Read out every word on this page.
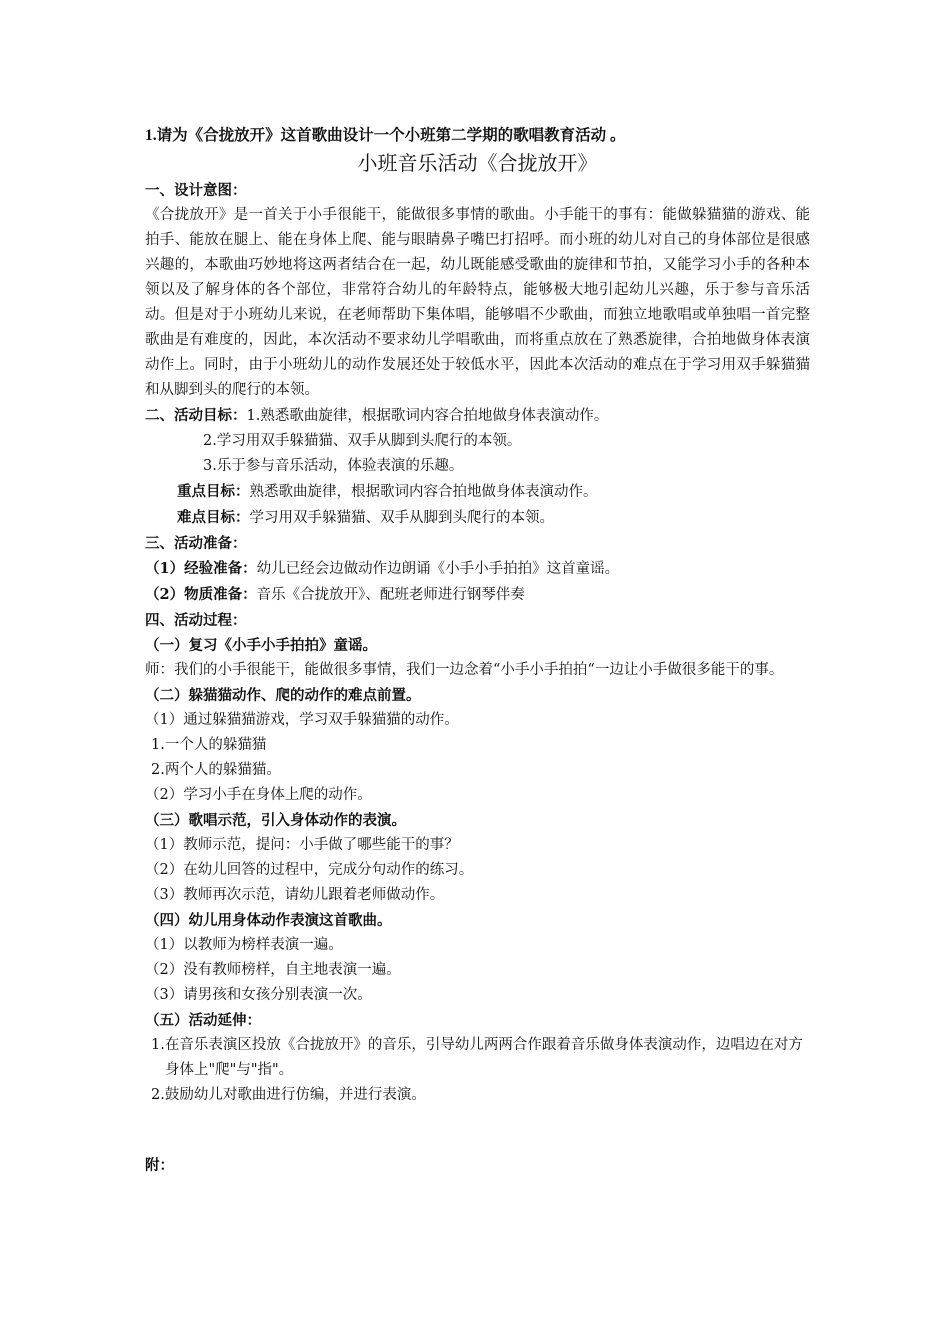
1.请为《合拢放开》这首歌曲设计一个小班第二学期的歌唱教育活动 。
小班音乐活动《合拢放开》
一、设计意图：
《合拢放开》是一首关于小手很能干，能做很多事情的歌曲。小手能干的事有：能做躲猫猫的游戏、能拍手、能放在腿上、能在身体上爬、能与眼睛鼻子嘴巴打招呼。而小班的幼儿对自己的身体部位是很感兴趣的，本歌曲巧妙地将这两者结合在一起，幼儿既能感受歌曲的旋律和节拍，又能学习小手的各种本领以及了解身体的各个部位，非常符合幼儿的年龄特点，能够极大地引起幼儿兴趣，乐于参与音乐活动。但是对于小班幼儿来说，在老师帮助下集体唱，能够唱不少歌曲，而独立地歌唱或单独唱一首完整歌曲是有难度的，因此，本次活动不要求幼儿学唱歌曲，而将重点放在了熟悉旋律，合拍地做身体表演动作上。同时，由于小班幼儿的动作发展还处于较低水平，因此本次活动的难点在于学习用双手躲猫猫和从脚到头的爬行的本领。
二、活动目标：1.熟悉歌曲旋律，根据歌词内容合拍地做身体表演动作。
2.学习用双手躲猫猫、双手从脚到头爬行的本领。
3.乐于参与音乐活动，体验表演的乐趣。
重点目标：熟悉歌曲旋律，根据歌词内容合拍地做身体表演动作。
难点目标：学习用双手躲猫猫、双手从脚到头爬行的本领。
三、活动准备：
（1）经验准备：幼儿已经会边做动作边朗诵《小手小手拍拍》这首童谣。
（2）物质准备：音乐《合拢放开》、配班老师进行钢琴伴奏
四、活动过程：
（一）复习《小手小手拍拍》童谣。
师：我们的小手很能干，能做很多事情，我们一边念着“小手小手拍拍“一边让小手做很多能干的事。
（二）躲猫猫动作、爬的动作的难点前置。
（1）通过躲猫猫游戏，学习双手躲猫猫的动作。
1.一个人的躲猫猫
2.两个人的躲猫猫。
（2）学习小手在身体上爬的动作。
（三）歌唱示范，引入身体动作的表演。
（1）教师示范，提问：小手做了哪些能干的事？
（2）在幼儿回答的过程中，完成分句动作的练习。
（3）教师再次示范，请幼儿跟着老师做动作。
（四）幼儿用身体动作表演这首歌曲。
（1）以教师为榜样表演一遍。
（2）没有教师榜样，自主地表演一遍。
（3）请男孩和女孩分别表演一次。
（五）活动延伸：
1.在音乐表演区投放《合拢放开》的音乐，引导幼儿两两合作跟着音乐做身体表演动作，边唱边在对方身体上"爬"与"指"。
2.鼓励幼儿对歌曲进行仿编，并进行表演。
附：
